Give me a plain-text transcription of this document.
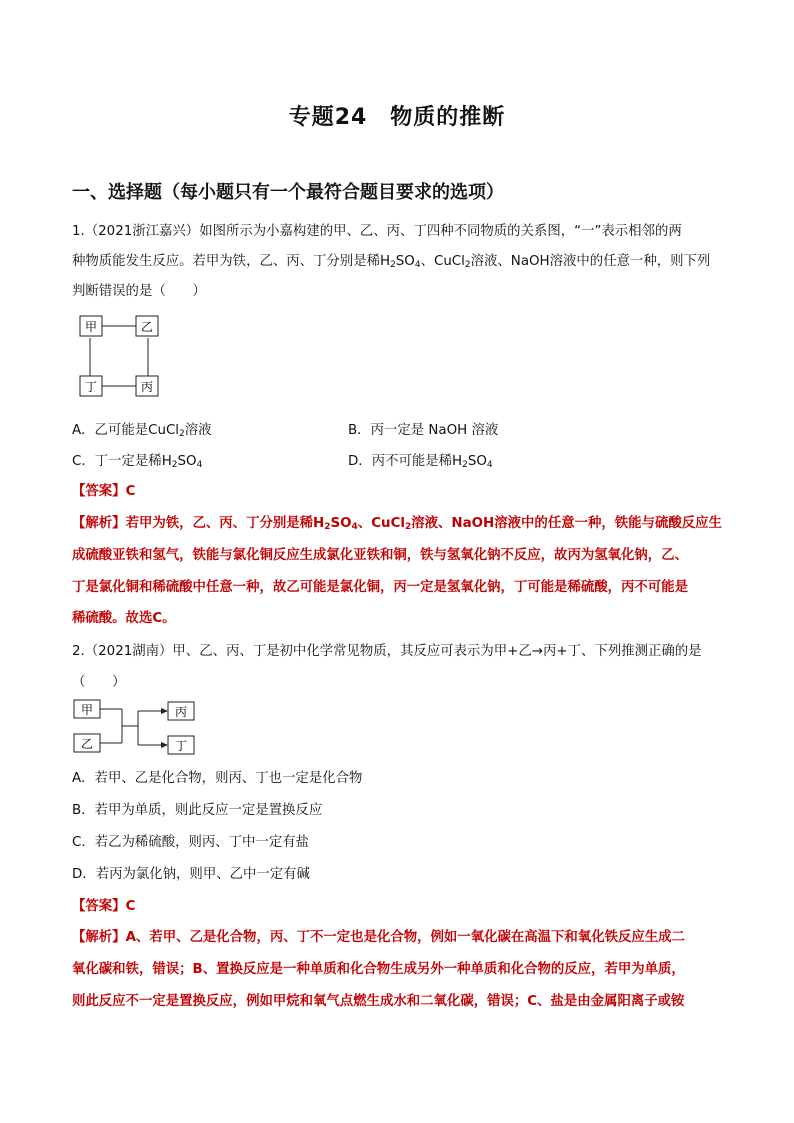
专题24　物质的推断
一、选择题（每小题只有一个最符合题目要求的选项）
1.（2021浙江嘉兴）如图所示为小嘉构建的甲、乙、丙、丁四种不同物质的关系图，“一”表示相邻的两
种物质能发生反应。若甲为铁，乙、丙、丁分别是稀$H_2SO_4$、CuCl$_2$溶液、NaOH溶液中的任意一种，则下列
判断错误的是（　　）
甲	乙
丁	丙
A．乙可能是CuCl$_2$溶液	B．丙一定是 NaOH 溶液
C．丁一定是稀$H_2SO_4$	D．丙不可能是稀$H_2SO_4$
【答案】C
【解析】若甲为铁，乙、丙、丁分别是稀$H_2SO_4$、CuCl$_2$溶液、NaOH溶液中的任意一种，铁能与硫酸反应生
成硫酸亚铁和氢气，铁能与氯化铜反应生成氯化亚铁和铜，铁与氢氧化钠不反应，故丙为氢氧化钠，乙、
丁是氯化铜和稀硫酸中任意一种，故乙可能是氯化铜，丙一定是氢氧化钠，丁可能是稀硫酸，丙不可能是
稀硫酸。故选C。
2.（2021湖南）甲、乙、丙、丁是初中化学常见物质，其反应可表示为甲+乙→丙+丁、下列推测正确的是
（　　）
甲
乙
丙
丁
A．若甲、乙是化合物，则丙、丁也一定是化合物
B．若甲为单质，则此反应一定是置换反应
C．若乙为稀硫酸，则丙、丁中一定有盐
D．若丙为氯化钠，则甲、乙中一定有碱
【答案】C
【解析】A、若甲、乙是化合物，丙、丁不一定也是化合物，例如一氧化碳在高温下和氧化铁反应生成二
氧化碳和铁，错误；B、置换反应是一种单质和化合物生成另外一种单质和化合物的反应，若甲为单质，
则此反应不一定是置换反应，例如甲烷和氧气点燃生成水和二氧化碳，错误；C、盐是由金属阳离子或铵
